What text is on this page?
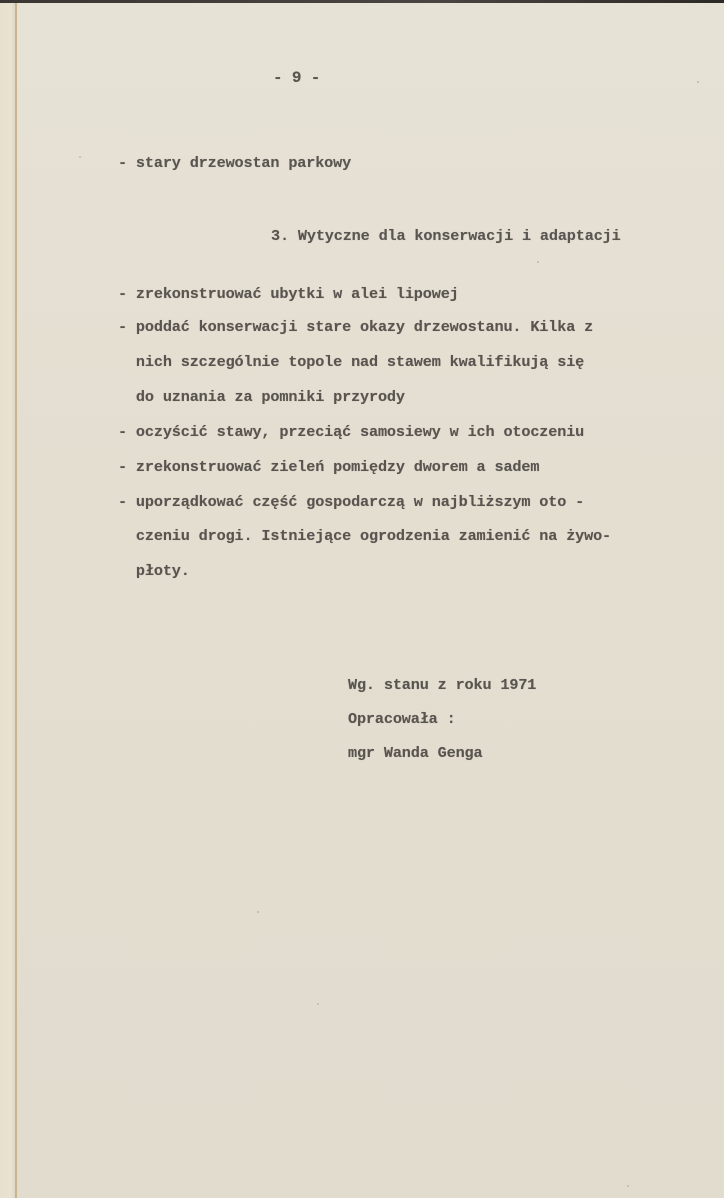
- 9 -
- stary drzewostan parkowy
3. Wytyczne dla konserwacji i adaptacji
- zrekonstruować ubytki w alei lipowej
- poddać konserwacji stare okazy drzewostanu. Kilka z
nich szczególnie topole nad stawem kwalifikują się
do uznania za pomniki przyrody
- oczyścić stawy, przeciąć samosiewy w ich otoczeniu
- zrekonstruować zieleń pomiędzy dworem a sadem
- uporządkować część gospodarczą w najbliższym oto -
czeniu drogi. Istniejące ogrodzenia zamienić na żywo-
płoty.
Wg. stanu z roku 1971
Opracowała :
mgr Wanda Genga
